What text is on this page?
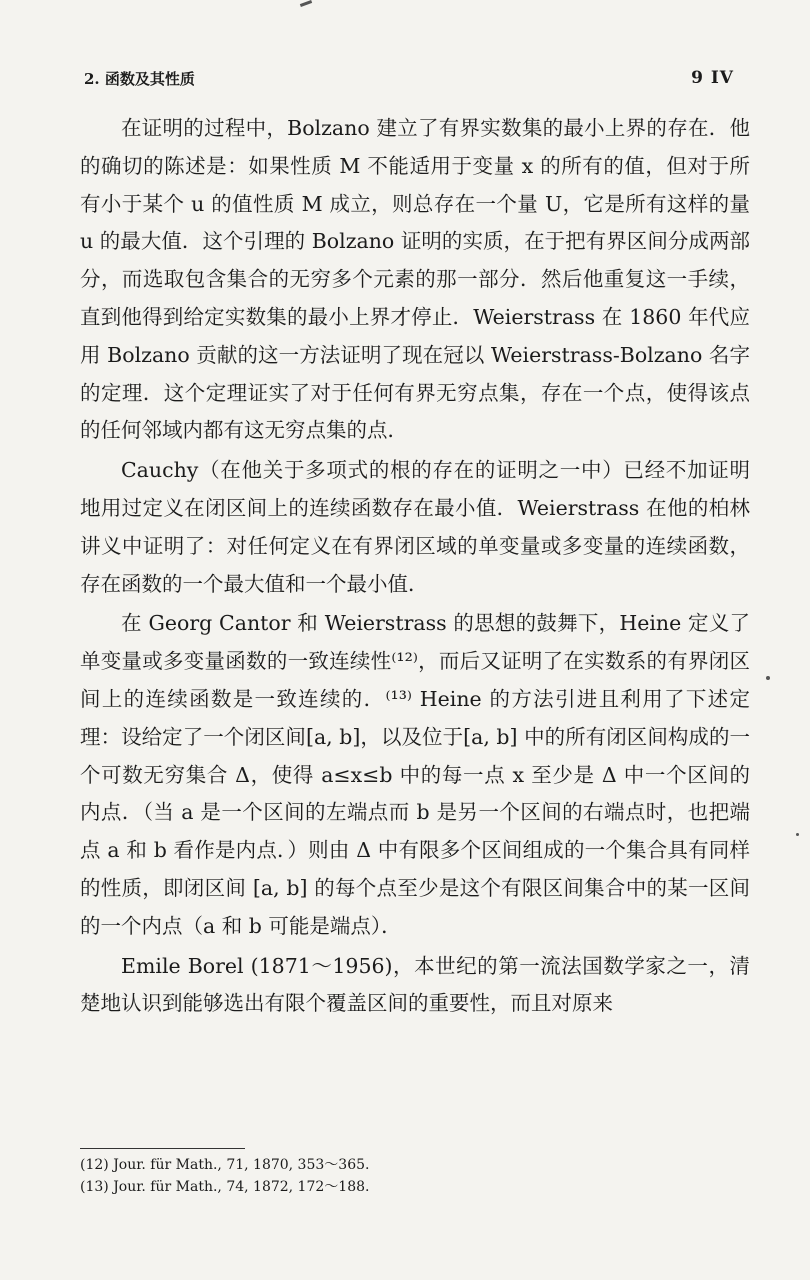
2. 函数及其性质	9 IV

在证明的过程中，Bolzano 建立了有界实数集的最小上界的存在．他的确切的陈述是：如果性质 M 不能适用于变量 x 的所有的值，但对于所有小于某个 u 的值性质 M 成立，则总存在一个量 U，它是所有这样的量 u 的最大值．这个引理的 Bolzano 证明的实质，在于把有界区间分成两部分，而选取包含集合的无穷多个元素的那一部分．然后他重复这一手续，直到他得到给定实数集的最小上界才停止．Weierstrass 在 1860 年代应用 Bolzano 贡献的这一方法证明了现在冠以 Weierstrass-Bolzano 名字的定理．这个定理证实了对于任何有界无穷点集，存在一个点，使得该点的任何邻域内都有这无穷点集的点．

Cauchy（在他关于多项式的根的存在的证明之一中）已经不加证明地用过定义在闭区间上的连续函数存在最小值．Weierstrass 在他的柏林讲义中证明了：对任何定义在有界闭区域的单变量或多变量的连续函数，存在函数的一个最大值和一个最小值．

在 Georg Cantor 和 Weierstrass 的思想的鼓舞下，Heine 定义了单变量或多变量函数的一致连续性⁽¹²⁾，而后又证明了在实数系的有界闭区间上的连续函数是一致连续的．⁽¹³⁾ Heine 的方法引进且利用了下述定理：设给定了一个闭区间[a, b]，以及位于[a, b] 中的所有闭区间构成的一个可数无穷集合 Δ，使得 a≤x≤b 中的每一点 x 至少是 Δ 中一个区间的内点．（当 a 是一个区间的左端点而 b 是另一个区间的右端点时，也把端点 a 和 b 看作是内点．）则由 Δ 中有限多个区间组成的一个集合具有同样的性质，即闭区间 [a, b] 的每个点至少是这个有限区间集合中的某一区间的一个内点（a 和 b 可能是端点）．

Emile Borel (1871～1956)，本世纪的第一流法国数学家之一，清楚地认识到能够选出有限个覆盖区间的重要性，而且对原来

(12) Jour. für Math., 71, 1870, 353～365.
(13) Jour. für Math., 74, 1872, 172～188.
